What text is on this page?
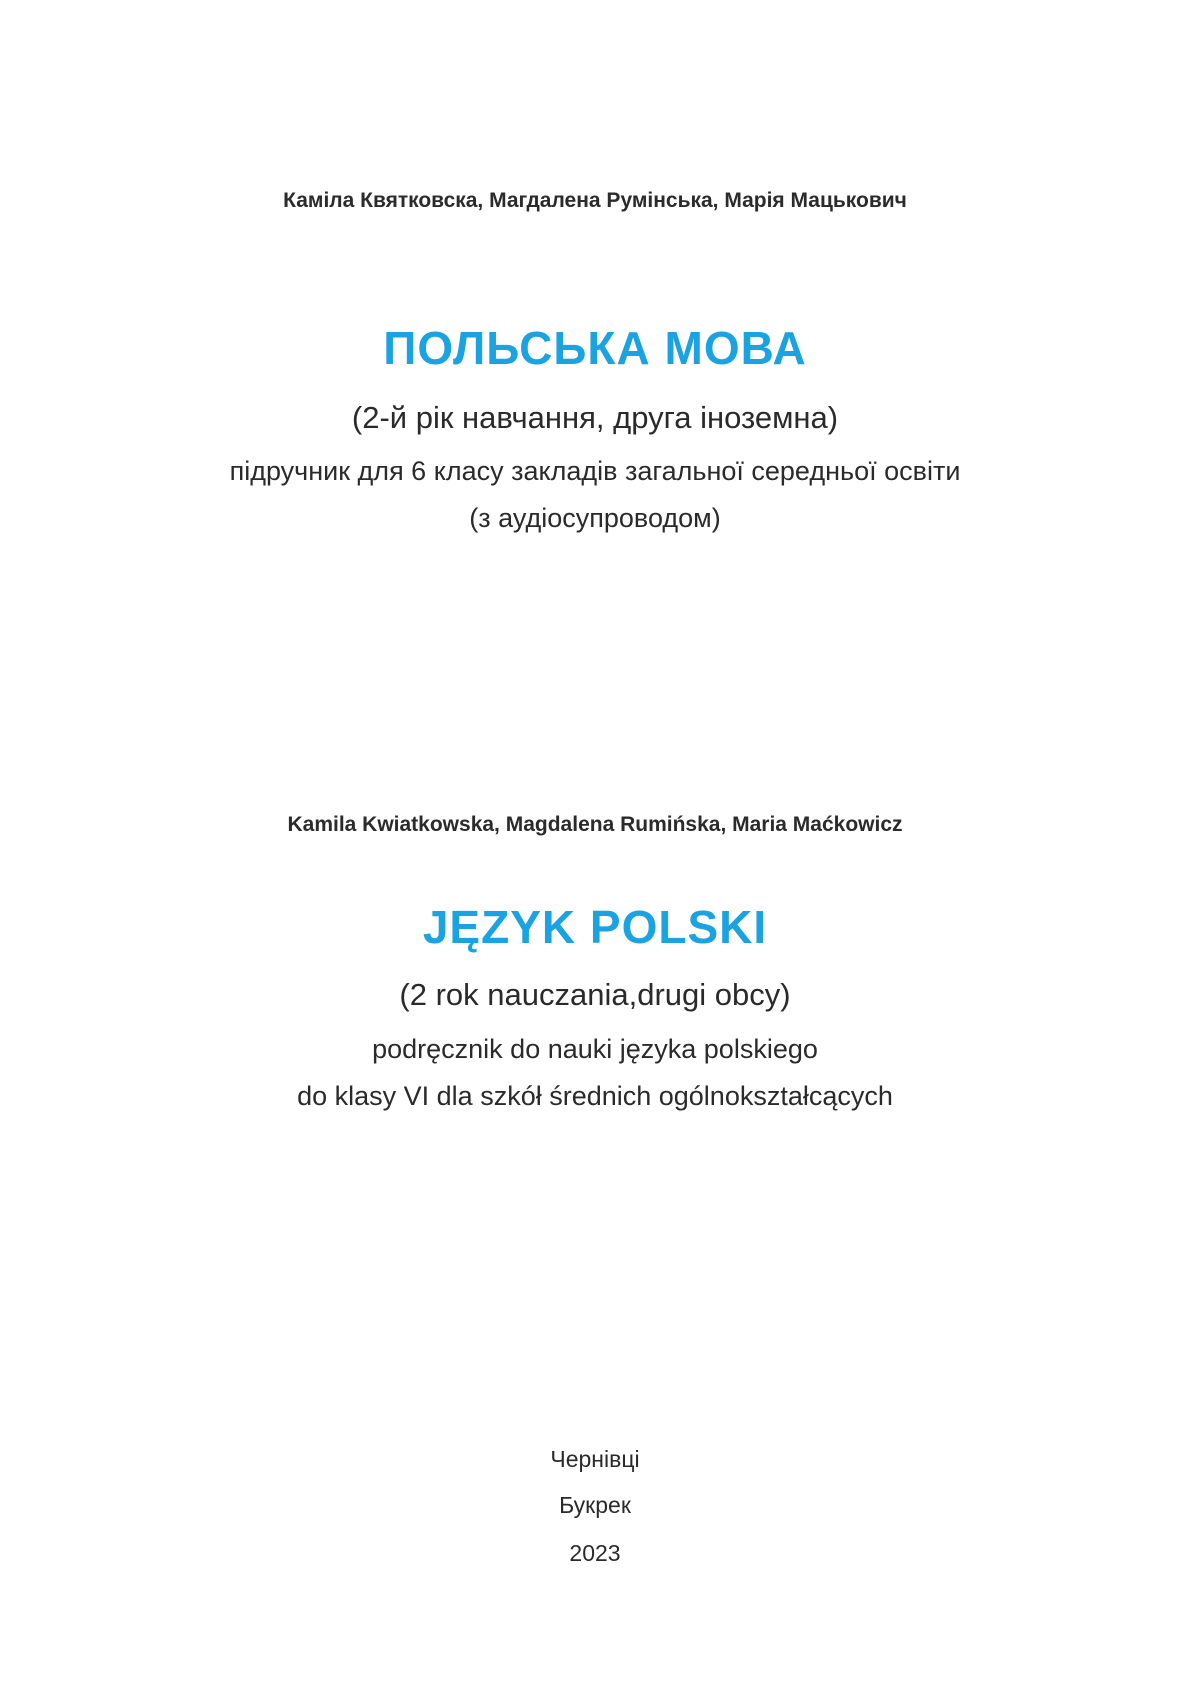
Каміла Квятковска, Магдалена Румінська, Марія Мацькович
ПОЛЬСЬКА МОВА
(2-й рік навчання, друга іноземна)
підручник для 6 класу закладів загальної середньої освіти
(з аудіосупроводом)
Kamila Kwiatkowska, Magdalena Rumińska, Maria Maćkowicz
JĘZYK POLSKI
(2 rok nauczania,drugi obcy)
podręcznik do nauki języka polskiego
do klasy VI dla szkół średnich ogólnokształcących
Чернівці
Букрек
2023
